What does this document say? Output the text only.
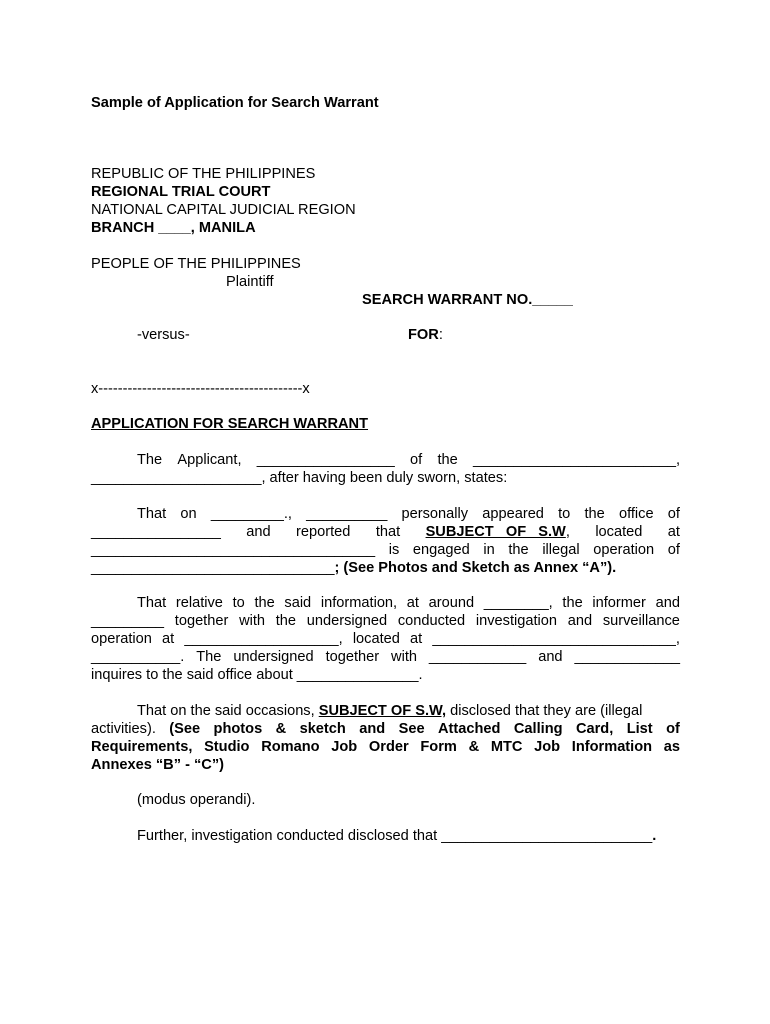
Sample of Application for Search Warrant
REPUBLIC OF THE PHILIPPINES
REGIONAL TRIAL COURT
NATIONAL CAPITAL JUDICIAL REGION
BRANCH ____, MANILA
PEOPLE OF THE PHILIPPINES
Plaintiff
SEARCH WARRANT NO._____
-versus-	FOR:
x------------------------------------------x
APPLICATION FOR SEARCH WARRANT
The Applicant, _________________ of the _________________________,
_____________________, after having been duly sworn, states:
That on _________., __________ personally appeared to the office of
________________ and reported that SUBJECT   OF   S.W, located at
___________________________________ is engaged in the illegal operation of
______________________________; (See Photos and Sketch as Annex “A”).
That relative to the said information, at around ________, the informer and
_________ together with the undersigned conducted investigation and surveillance
operation at ___________________, located at ______________________________,
___________. The undersigned together with ____________ and _____________
inquires to the said office about _______________.
That on the said occasions, SUBJECT OF S.W, disclosed that they are (illegal
activities). (See photos & sketch and See Attached Calling Card, List of
Requirements, Studio Romano Job Order Form & MTC Job Information as
Annexes “B” - “C”)
(modus operandi).
Further, investigation conducted disclosed that __________________________.
